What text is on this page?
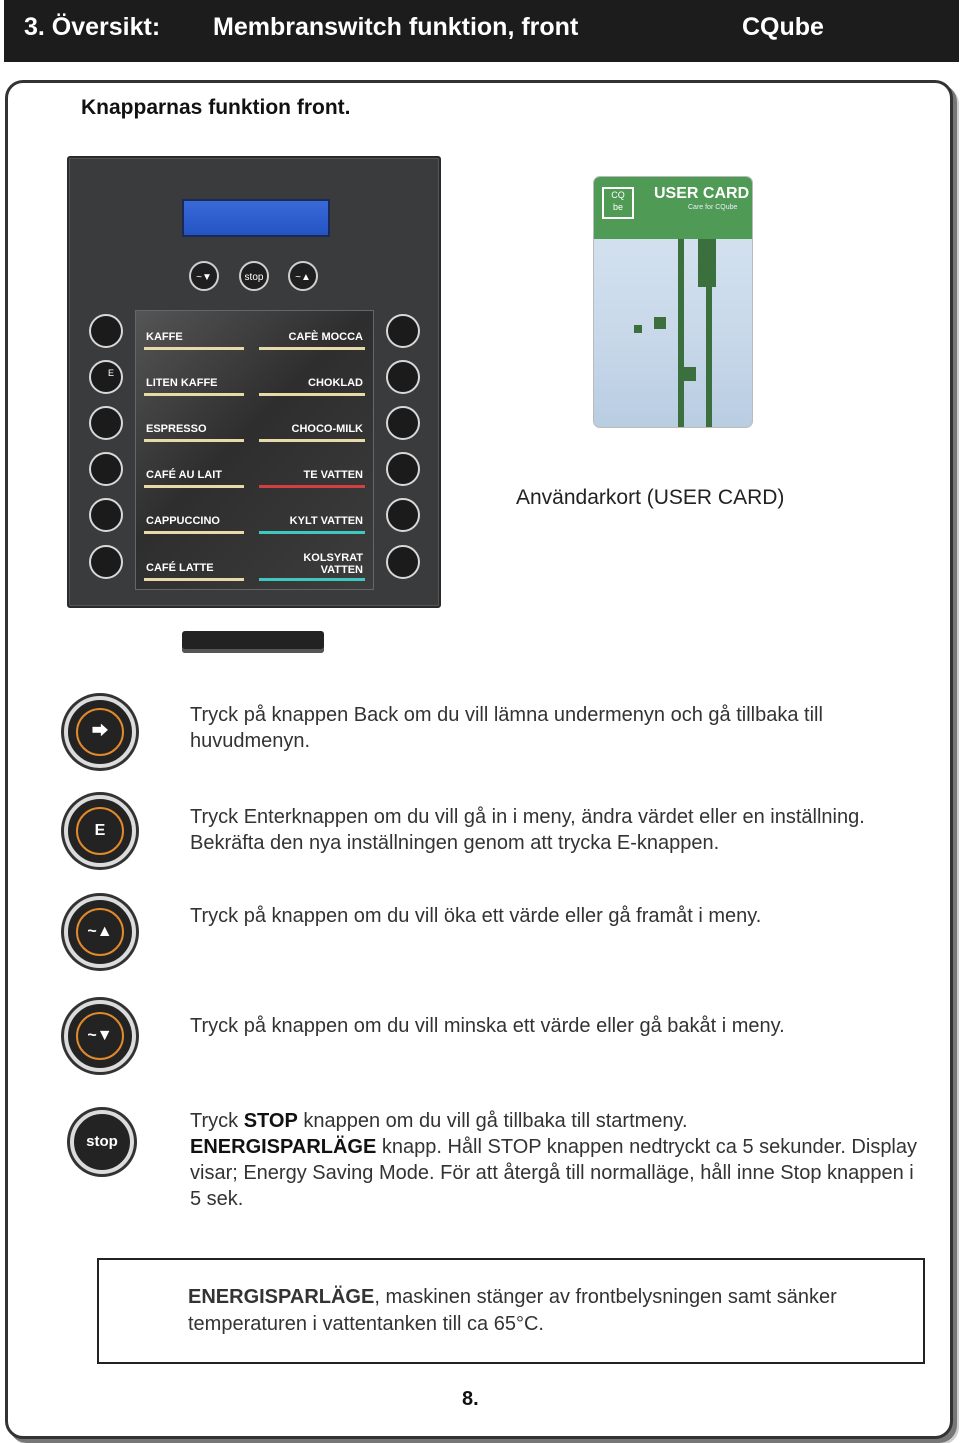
3. Översikt: Membranswitch funktion, front	CQube
Knapparnas funktion front.
~▼	stop	~▲
KAFFE	CAFÈ MOCCA
LITEN KAFFE	CHOKLAD
ESPRESSO	CHOCO-MILK
CAFÉ AU LAIT	TE VATTEN
CAPPUCCINO	KYLT VATTEN
CAFÉ LATTE
KOLSYRAT
VATTEN
E
CQ
be
USER CARD
Care for CQube
Användarkort (USER CARD)
⮕
Tryck på knappen Back om du vill lämna undermenyn och gå tillbaka till huvudmenyn.
E
Tryck Enterknappen om du vill gå in i meny, ändra värdet eller en inställning. Bekräfta den nya inställningen genom att trycka E-knappen.
~▲
Tryck på knappen om du vill öka ett värde eller gå framåt i meny.
~▼	Tryck på knappen om du vill minska ett värde eller gå bakåt i meny.
stop
Tryck STOP knappen om du vill gå tillbaka till startmeny.
ENERGISPARLÄGE knapp. Håll STOP knappen nedtryckt ca 5 sekunder. Display visar; Energy Saving Mode. För att återgå till normalläge, håll inne Stop knappen i 5 sek.
ENERGISPARLÄGE, maskinen stänger av frontbelysningen samt sänker temperaturen i vattentanken till ca 65°C.
8.
